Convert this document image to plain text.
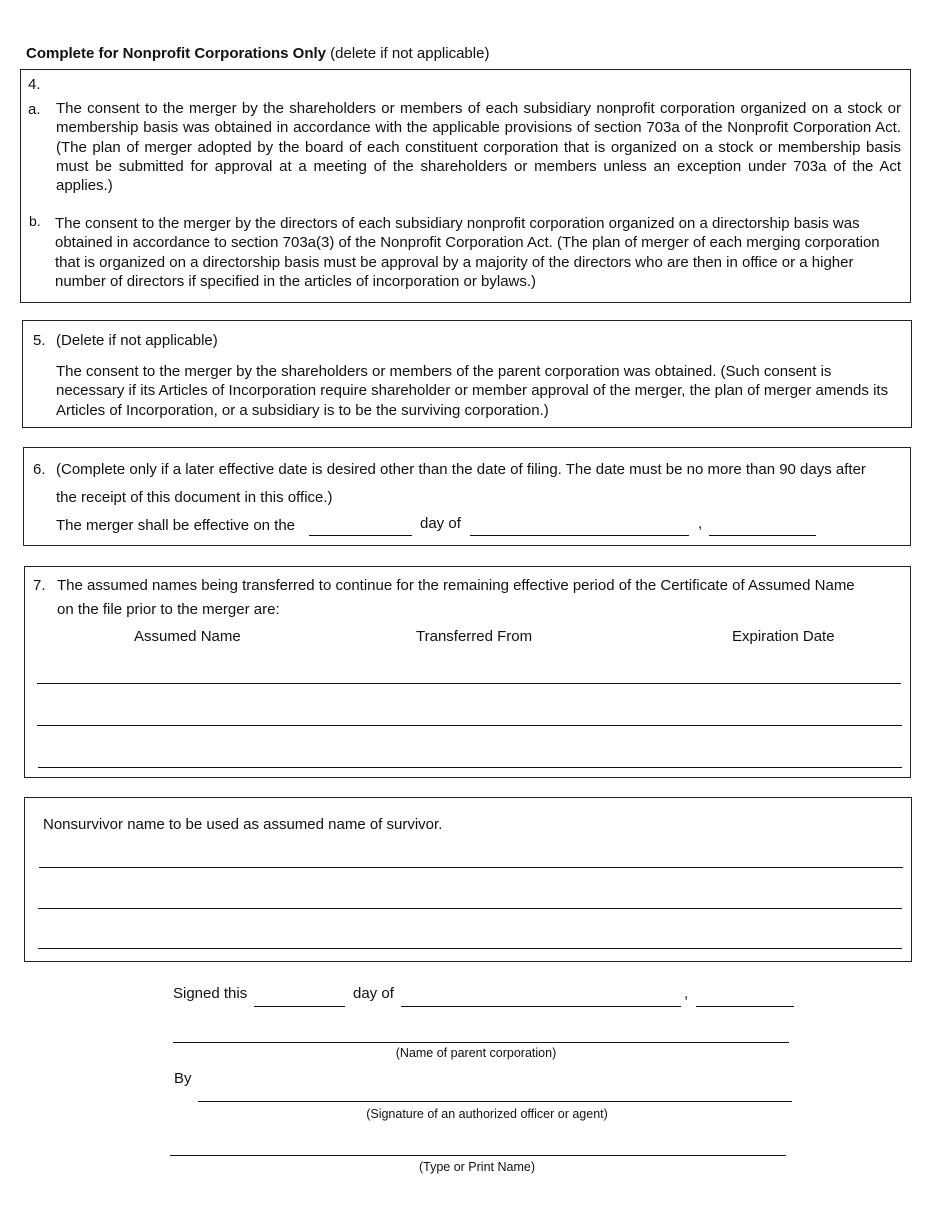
Complete for Nonprofit Corporations Only (delete if not applicable)
4.
a. The consent to the merger by the shareholders or members of each subsidiary nonprofit corporation organized on a stock or membership basis was obtained in accordance with the applicable provisions of section 703a of the Nonprofit Corporation Act. (The plan of merger adopted by the board of each constituent corporation that is organized on a stock or membership basis must be submitted for approval at a meeting of the shareholders or members unless an exception under 703a of the Act applies.)
b. The consent to the merger by the directors of each subsidiary nonprofit corporation organized on a directorship basis was obtained in accordance to section 703a(3) of the Nonprofit Corporation Act. (The plan of merger of each merging corporation that is organized on a directorship basis must be approval by a majority of the directors who are then in office or a higher number of directors if specified in the articles of incorporation or bylaws.)
5. (Delete if not applicable)
The consent to the merger by the shareholders or members of the parent corporation was obtained. (Such consent is necessary if its Articles of Incorporation require shareholder or member approval of the merger, the plan of merger amends its Articles of Incorporation, or a subsidiary is to be the surviving corporation.)
6. (Complete only if a later effective date is desired other than the date of filing. The date must be no more than 90 days after
the receipt of this document in this office.)
The merger shall be effective on the	day of	,
7. The assumed names being transferred to continue for the remaining effective period of the Certificate of Assumed Name
on the file prior to the merger are:
Assumed Name	Transferred From	Expiration Date
Nonsurvivor name to be used as assumed name of survivor.
Signed this	day of	,
(Name of parent corporation)
By
(Signature of an authorized officer or agent)
(Type or Print Name)
